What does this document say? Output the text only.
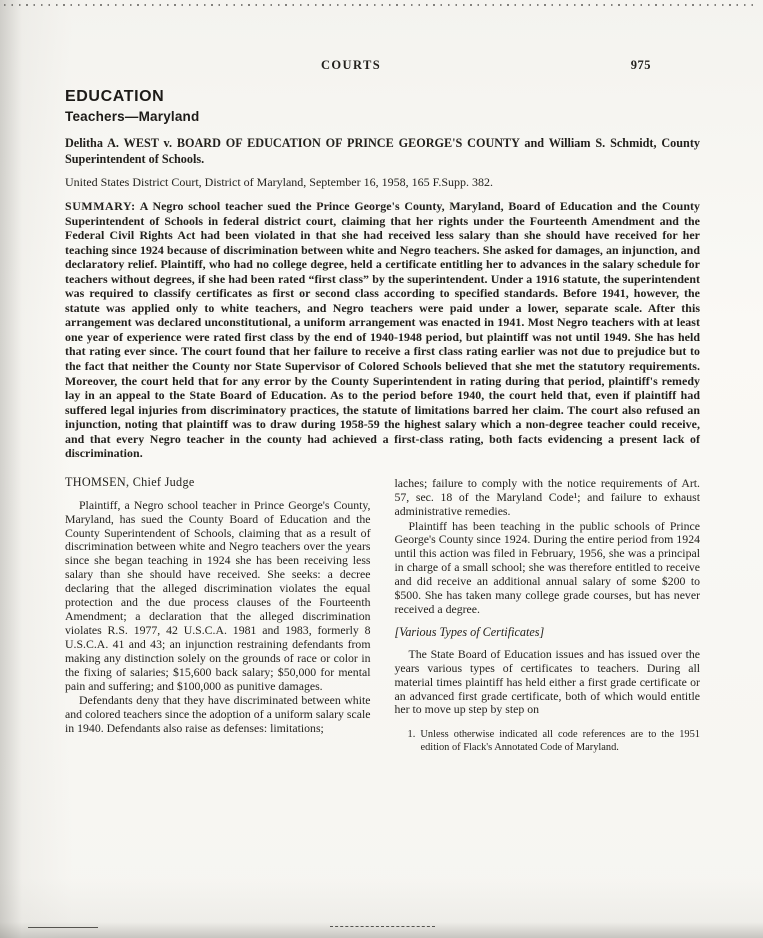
COURTS	975
EDUCATION
Teachers—Maryland

Delitha A. WEST v. BOARD OF EDUCATION OF PRINCE GEORGE'S COUNTY and William S. Schmidt, County Superintendent of Schools.

United States District Court, District of Maryland, September 16, 1958, 165 F.Supp. 382.

SUMMARY: A Negro school teacher sued the Prince George's County, Maryland, Board of Education and the County Superintendent of Schools in federal district court, claiming that her rights under the Fourteenth Amendment and the Federal Civil Rights Act had been violated in that she had received less salary than she should have received for her teaching since 1924 because of discrimination between white and Negro teachers. She asked for damages, an injunction, and declaratory relief. Plaintiff, who had no college degree, held a certificate entitling her to advances in the salary schedule for teachers without degrees, if she had been rated “first class” by the superintendent. Under a 1916 statute, the superintendent was required to classify certificates as first or second class according to specified standards. Before 1941, however, the statute was applied only to white teachers, and Negro teachers were paid under a lower, separate scale. After this arrangement was declared unconstitutional, a uniform arrangement was enacted in 1941. Most Negro teachers with at least one year of experience were rated first class by the end of 1940-1948 period, but plaintiff was not until 1949. She has held that rating ever since. The court found that her failure to receive a first class rating earlier was not due to prejudice but to the fact that neither the County nor State Supervisor of Colored Schools believed that she met the statutory requirements. Moreover, the court held that for any error by the County Superintendent in rating during that period, plaintiff's remedy lay in an appeal to the State Board of Education. As to the period before 1940, the court held that, even if plaintiff had suffered legal injuries from discriminatory practices, the statute of limitations barred her claim. The court also refused an injunction, noting that plaintiff was to draw during 1958-59 the highest salary which a non-degree teacher could receive, and that every Negro teacher in the county had achieved a first-class rating, both facts evidencing a present lack of discrimination.

THOMSEN, Chief Judge

Plaintiff, a Negro school teacher in Prince George's County, Maryland, has sued the County Board of Education and the County Superintendent of Schools, claiming that as a result of discrimination between white and Negro teachers over the years since she began teaching in 1924 she has been receiving less salary than she should have received. She seeks: a decree declaring that the alleged discrimination violates the equal protection and the due process clauses of the Fourteenth Amendment; a declaration that the alleged discrimination violates R.S. 1977, 42 U.S.C.A. 1981 and 1983, formerly 8 U.S.C.A. 41 and 43; an injunction restraining defendants from making any distinction solely on the grounds of race or color in the fixing of salaries; $15,600 back salary; $50,000 for mental pain and suffering; and $100,000 as punitive damages.

Defendants deny that they have discriminated between white and colored teachers since the adoption of a uniform salary scale in 1940. Defendants also raise as defenses: limitations;

laches; failure to comply with the notice requirements of Art. 57, sec. 18 of the Maryland Code¹; and failure to exhaust administrative remedies.

Plaintiff has been teaching in the public schools of Prince George's County since 1924. During the entire period from 1924 until this action was filed in February, 1956, she was a principal in charge of a small school; she was therefore entitled to receive and did receive an additional annual salary of some $200 to $500. She has taken many college grade courses, but has never received a degree.

[Various Types of Certificates]

The State Board of Education issues and has issued over the years various types of certificates to teachers. During all material times plaintiff has held either a first grade certificate or an advanced first grade certificate, both of which would entitle her to move up step by step on

1. Unless otherwise indicated all code references are to the 1951 edition of Flack's Annotated Code of Maryland.
